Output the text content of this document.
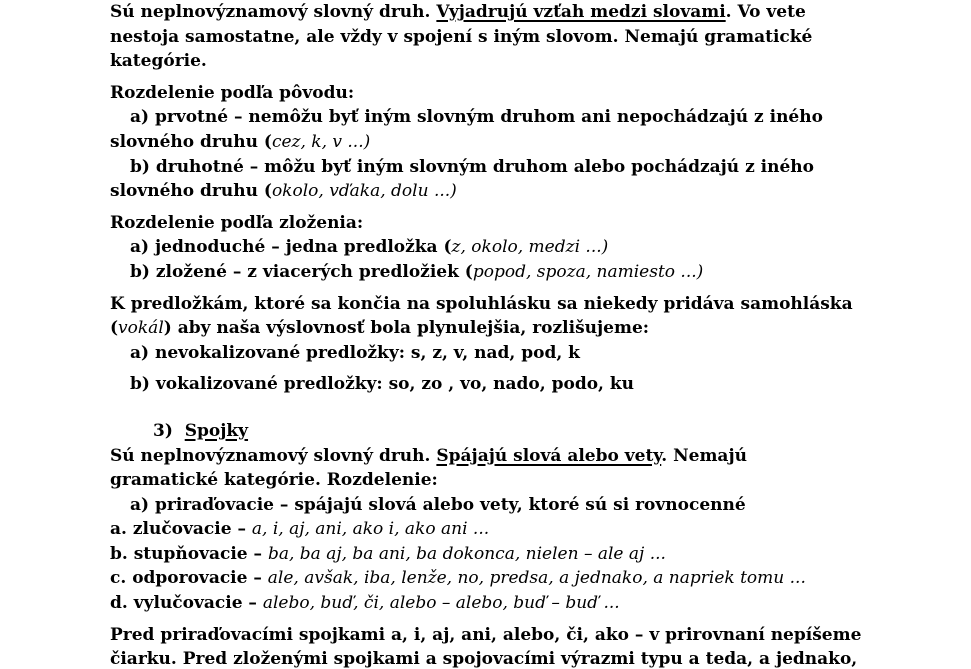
Sú neplnovýznamový slovný druh. Vyjadrujú vzťah medzi slovami. Vo vete
nestoja samostatne, ale vždy v spojení s iným slovom. Nemajú gramatické
kategórie.
Rozdelenie podľa pôvodu:
a) prvotné – nemôžu byť iným slovným druhom ani nepochádzajú z iného
slovného druhu (cez, k, v ...)
b) druhotné – môžu byť iným slovným druhom alebo pochádzajú z iného
slovného druhu (okolo, vďaka, dolu ...)
Rozdelenie podľa zloženia:
a) jednoduché – jedna predložka (z, okolo, medzi ...)
b) zložené – z viacerých predložiek (popod, spoza, namiesto ...)
K predložkám, ktoré sa končia na spoluhlásku sa niekedy pridáva samohláska
(vokál) aby naša výslovnosť bola plynulejšia, rozlišujeme:
a) nevokalizované predložky: s, z, v, nad, pod, k
b) vokalizované predložky: so, zo , vo, nado, podo, ku
3)  Spojky
Sú neplnovýznamový slovný druh. Spájajú slová alebo vety. Nemajú
gramatické kategórie. Rozdelenie:
a) priraďovacie – spájajú slová alebo vety, ktoré sú si rovnocenné
a. zlučovacie – a, i, aj, ani, ako i, ako ani ...
b. stupňovacie – ba, ba aj, ba ani, ba dokonca, nielen – ale aj ...
c. odporovacie – ale, avšak, iba, lenže, no, predsa, a jednako, a napriek tomu ...
d. vylučovacie – alebo, buď, či, alebo – alebo, buď – buď ...
Pred priraďovacími spojkami a, i, aj, ani, alebo, či, ako – v prirovnaní nepíšeme
čiarku. Pred zloženými spojkami a spojovacími výrazmi typu a teda, a jednako,
